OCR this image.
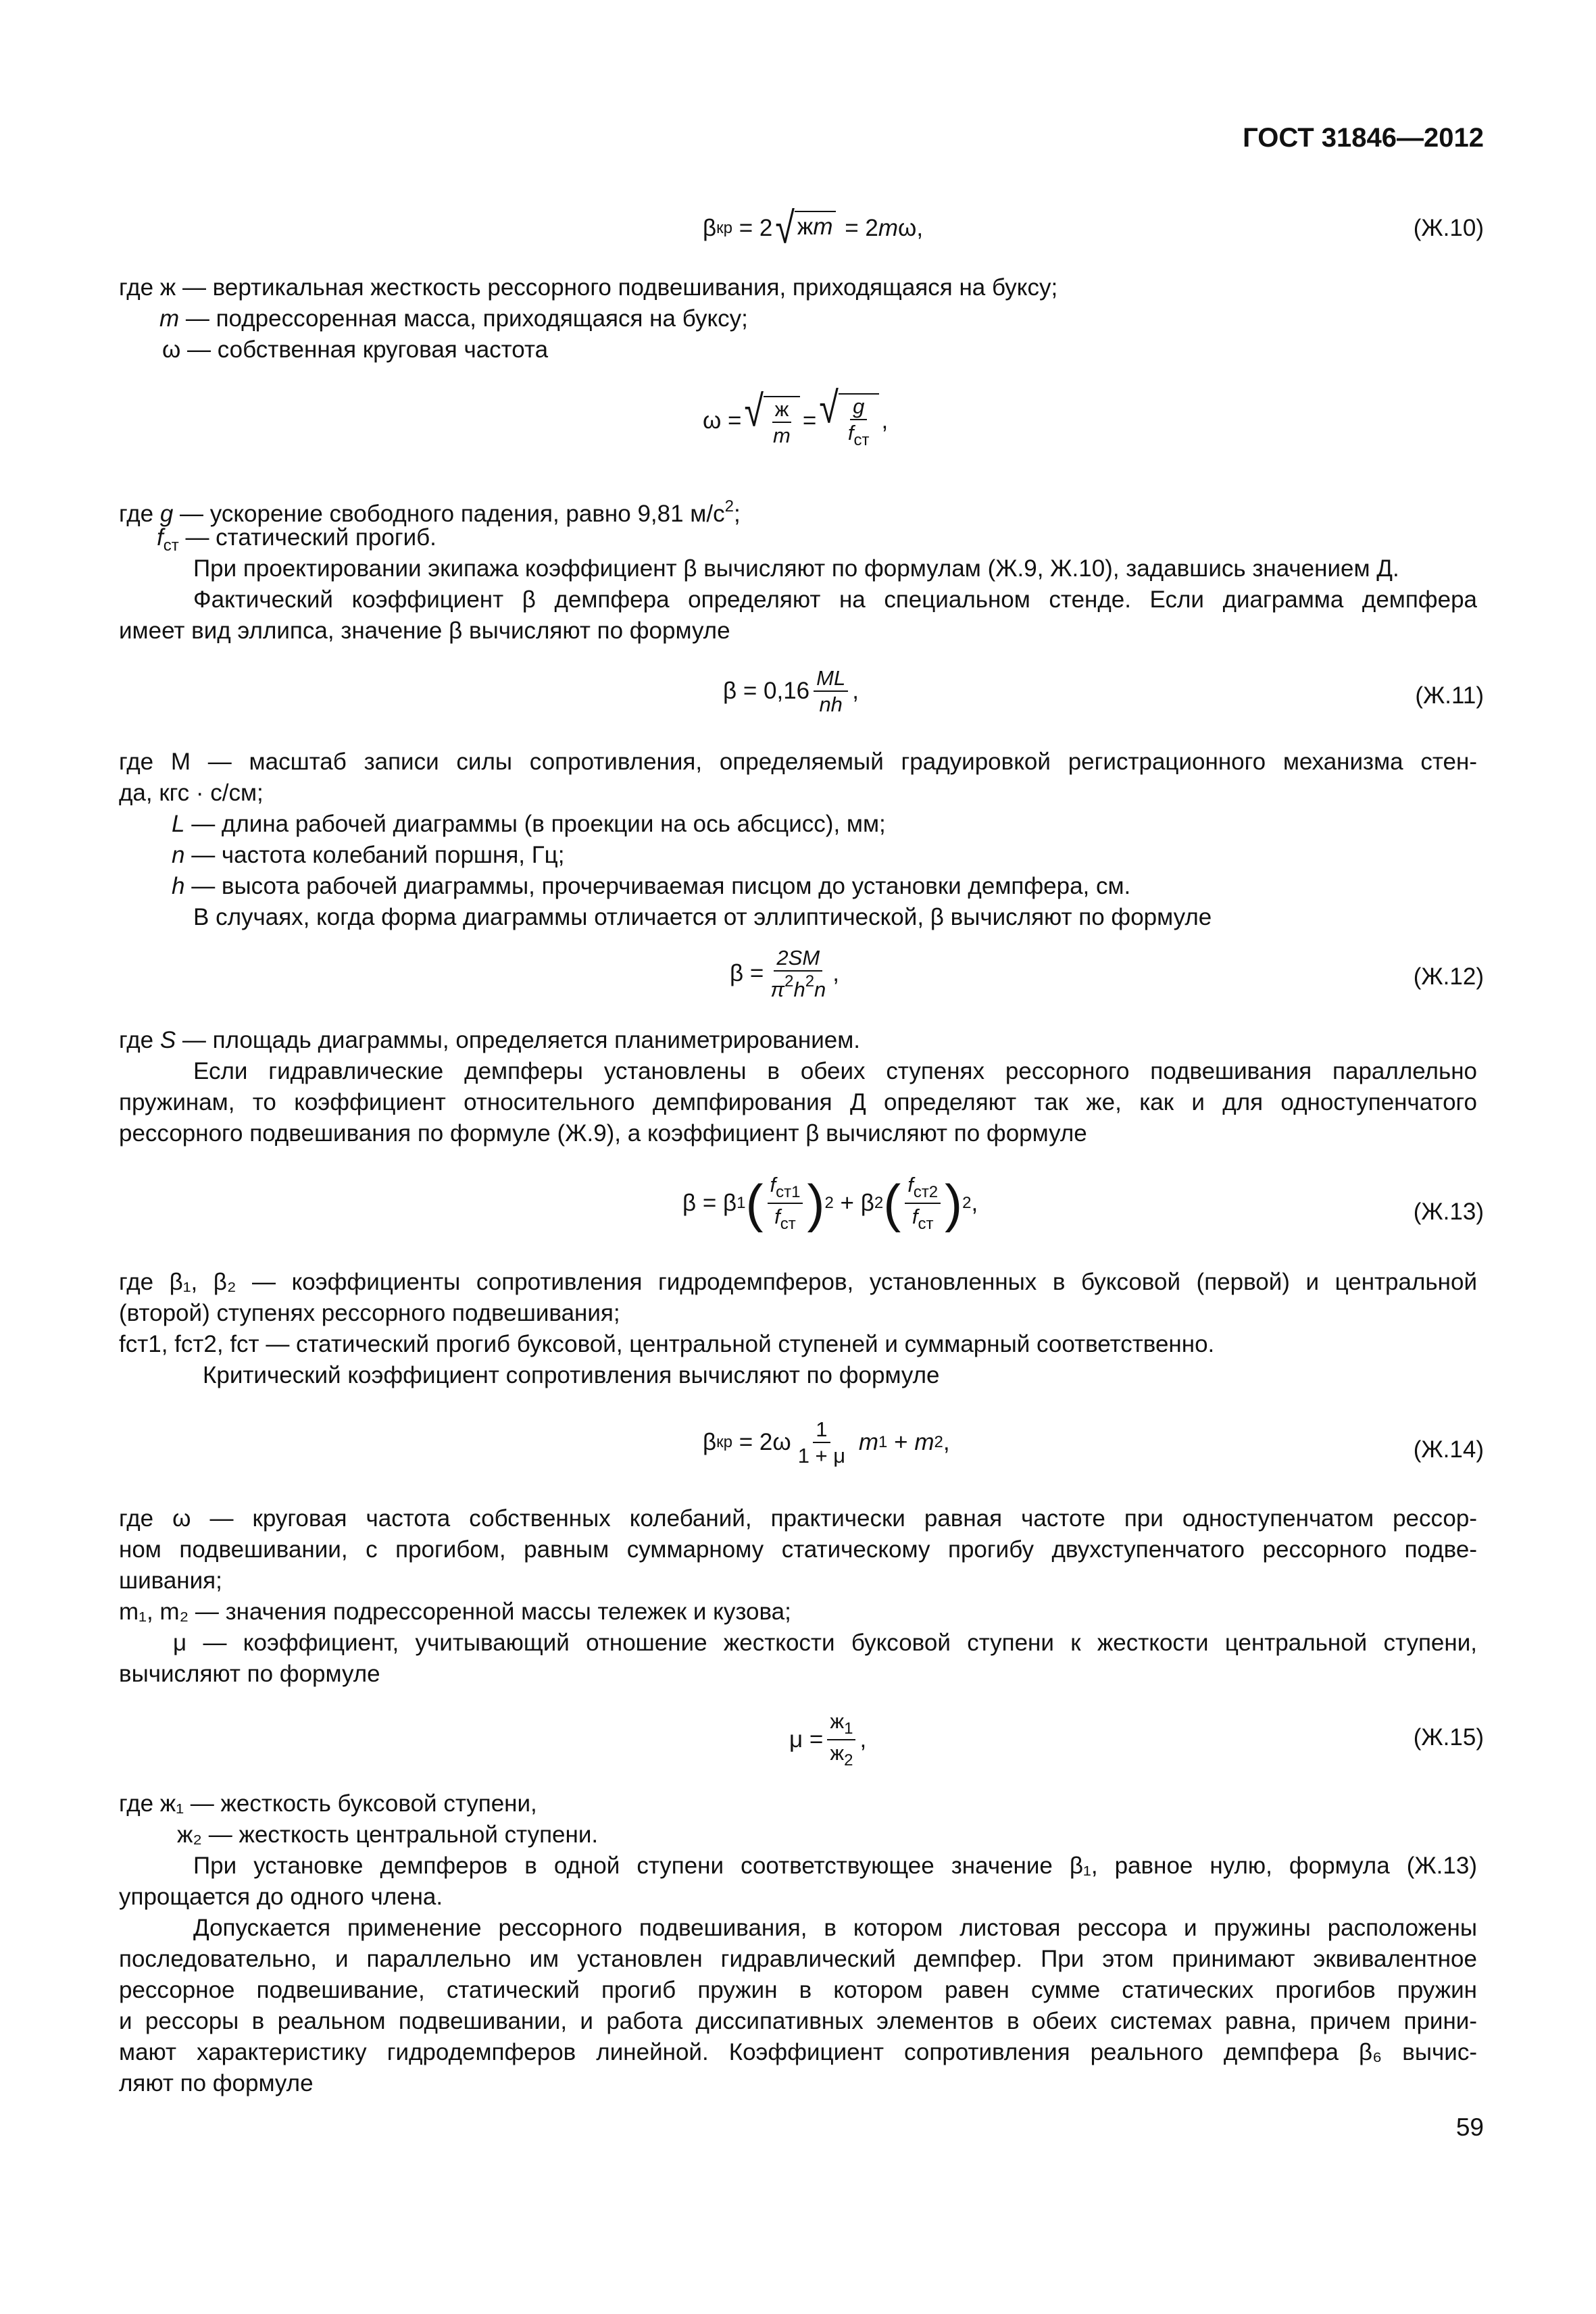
ГОСТ 31846—2012
β кр
= 2 √ жm
= 2 m ω,	(Ж.10)
где ж — вертикальная жесткость рессорного подвешивания, приходящаяся на буксу;
m — подрессоренная масса, приходящаяся на буксу;
ω — собственная круговая частота
ω = √ $\frac{ж}{m}$ = √ $\frac{g}{f_{ст}}$ ,
где g — ускорение свободного падения, равно 9,81 $м/с^2$;
$f_{ст}$ — статический прогиб.
При проектировании экипажа коэффициент β вычисляют по формулам (Ж.9, Ж.10), задавшись значением Д.
Фактический коэффициент β демпфера определяют на специальном стенде. Если диаграмма демпфера
имеет вид эллипса, значение β вычисляют по формуле
$\beta = 0,16 \frac{ML}{nh}$ ,	(Ж.11)
где М — масштаб записи силы сопротивления, определяемый градуировкой регистрационного механизма стен-
да, кгс · с/см;
L — длина рабочей диаграммы (в проекции на ось абсцисс), мм;
n — частота колебаний поршня, Гц;
h — высота рабочей диаграммы, прочерчиваемая писцом до установки демпфера, см.
В случаях, когда форма диаграммы отличается от эллиптической, β вычисляют по формуле
$\beta = \frac{2SM}{\pi^2h^2n}$ ,	(Ж.12)
где S — площадь диаграммы, определяется планиметрированием.
Если гидравлические демпферы установлены в обеих ступенях рессорного подвешивания параллельно
пружинам, то коэффициент относительного демпфирования Д определяют так же, как и для одноступенчатого
рессорного подвешивания по формуле (Ж.9), а коэффициент β вычисляют по формуле
β = β 1 ( $\frac{f_{ст1}}{f_{ст}}$ ) 2
+ β 2 ( $\frac{f_{ст2}}{f_{ст}}$ ) 2 ,	(Ж.13)
где β₁, β₂ — коэффициенты сопротивления гидродемпферов, установленных в буксовой (первой) и центральной
(второй) ступенях рессорного подвешивания;
fст1, fст2, fст — статический прогиб буксовой, центральной ступеней и суммарный соответственно.
Критический коэффициент сопротивления вычисляют по формуле
β кр
= $2\omega \frac{1}{1 + \mu}$
m 1
+
m 2 ,	(Ж.14)
где ω — круговая частота собственных колебаний, практически равная частоте при одноступенчатом рессор-
ном подвешивании, с прогибом, равным суммарному статическому прогибу двухступенчатого рессорного подве-
шивания;
m₁, m₂ — значения подрессоренной массы тележек и кузова;
μ — коэффициент, учитывающий отношение жесткости буксовой ступени к жесткости центральной ступени,
вычисляют по формуле
$\mu = \frac{ж_1}{ж_2}$ ,	(Ж.15)
где ж₁ — жесткость буксовой ступени,
ж₂ — жесткость центральной ступени.
При установке демпферов в одной ступени соответствующее значение β₁, равное нулю, формула (Ж.13)
упрощается до одного члена.
Допускается применение рессорного подвешивания, в котором листовая рессора и пружины расположены
последовательно, и параллельно им установлен гидравлический демпфер. При этом принимают эквивалентное
рессорное подвешивание, статический прогиб пружин в котором равен сумме статических прогибов пружин
и рессоры в реальном подвешивании, и работа диссипативных элементов в обеих системах равна, причем прини-
мают характеристику гидродемпферов линейной. Коэффициент сопротивления реального демпфера β₆ вычис-
ляют по формуле
59
